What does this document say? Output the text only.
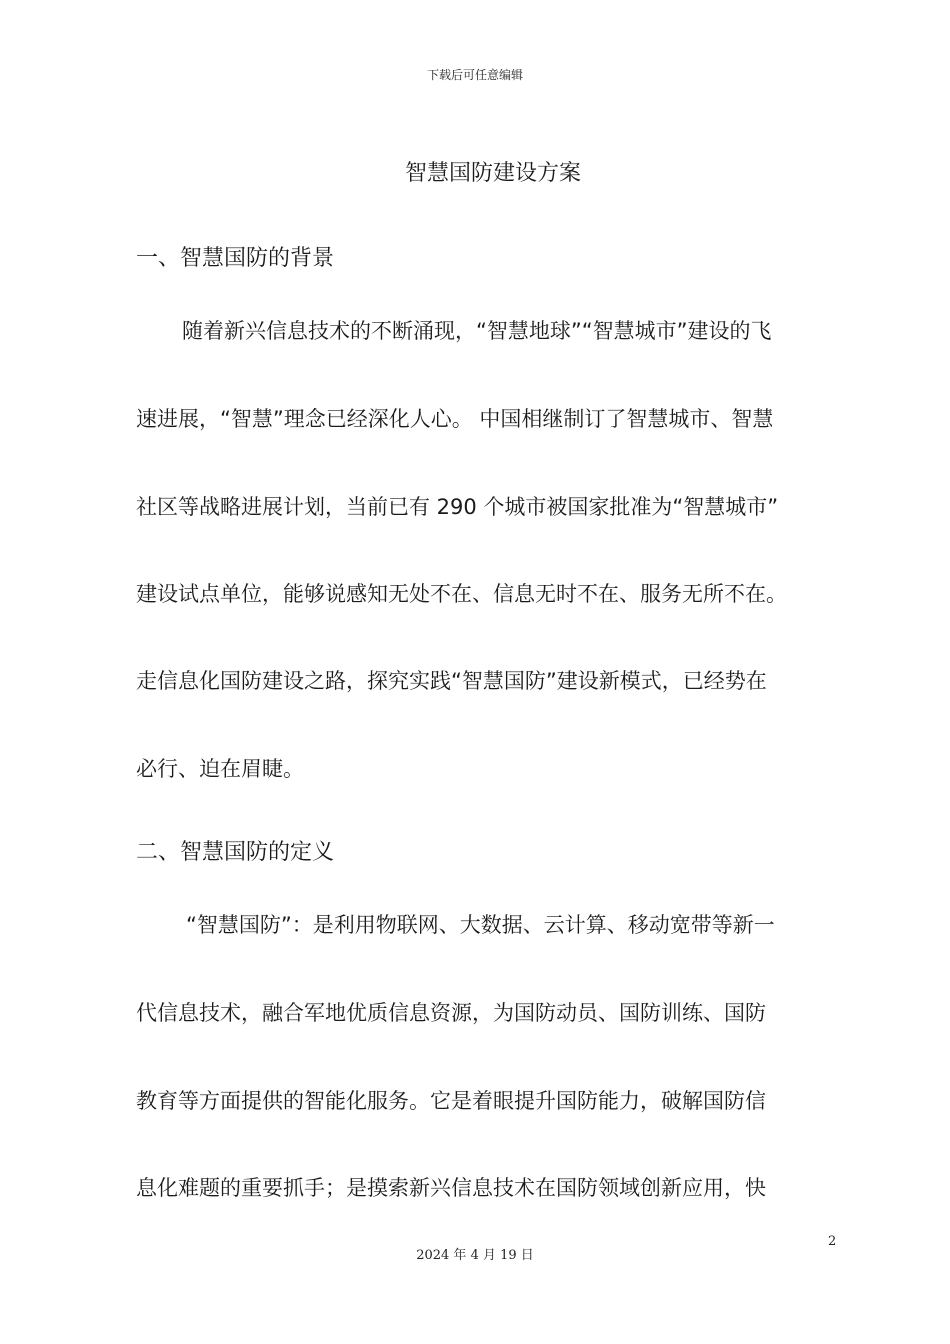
下载后可任意编辑
智慧国防建设方案
一、智慧国防的背景
随着新兴信息技术的不断涌现，“智慧地球”“智慧城市”建设的飞
速进展，“智慧”理念已经深化人心。 中国相继制订了智慧城市、智慧
社区等战略进展计划，当前已有 290 个城市被国家批准为“智慧城市”
建设试点单位，能够说感知无处不在、信息无时不在、服务无所不在。
走信息化国防建设之路，探究实践“智慧国防”建设新模式，已经势在
必行、迫在眉睫。
二、智慧国防的定义
“智慧国防”：是利用物联网、大数据、云计算、移动宽带等新一
代信息技术，融合军地优质信息资源，为国防动员、国防训练、国防
教育等方面提供的智能化服务。它是着眼提升国防能力，破解国防信
息化难题的重要抓手；是摸索新兴信息技术在国防领域创新应用，快
2
2024 年 4 月 19 日
